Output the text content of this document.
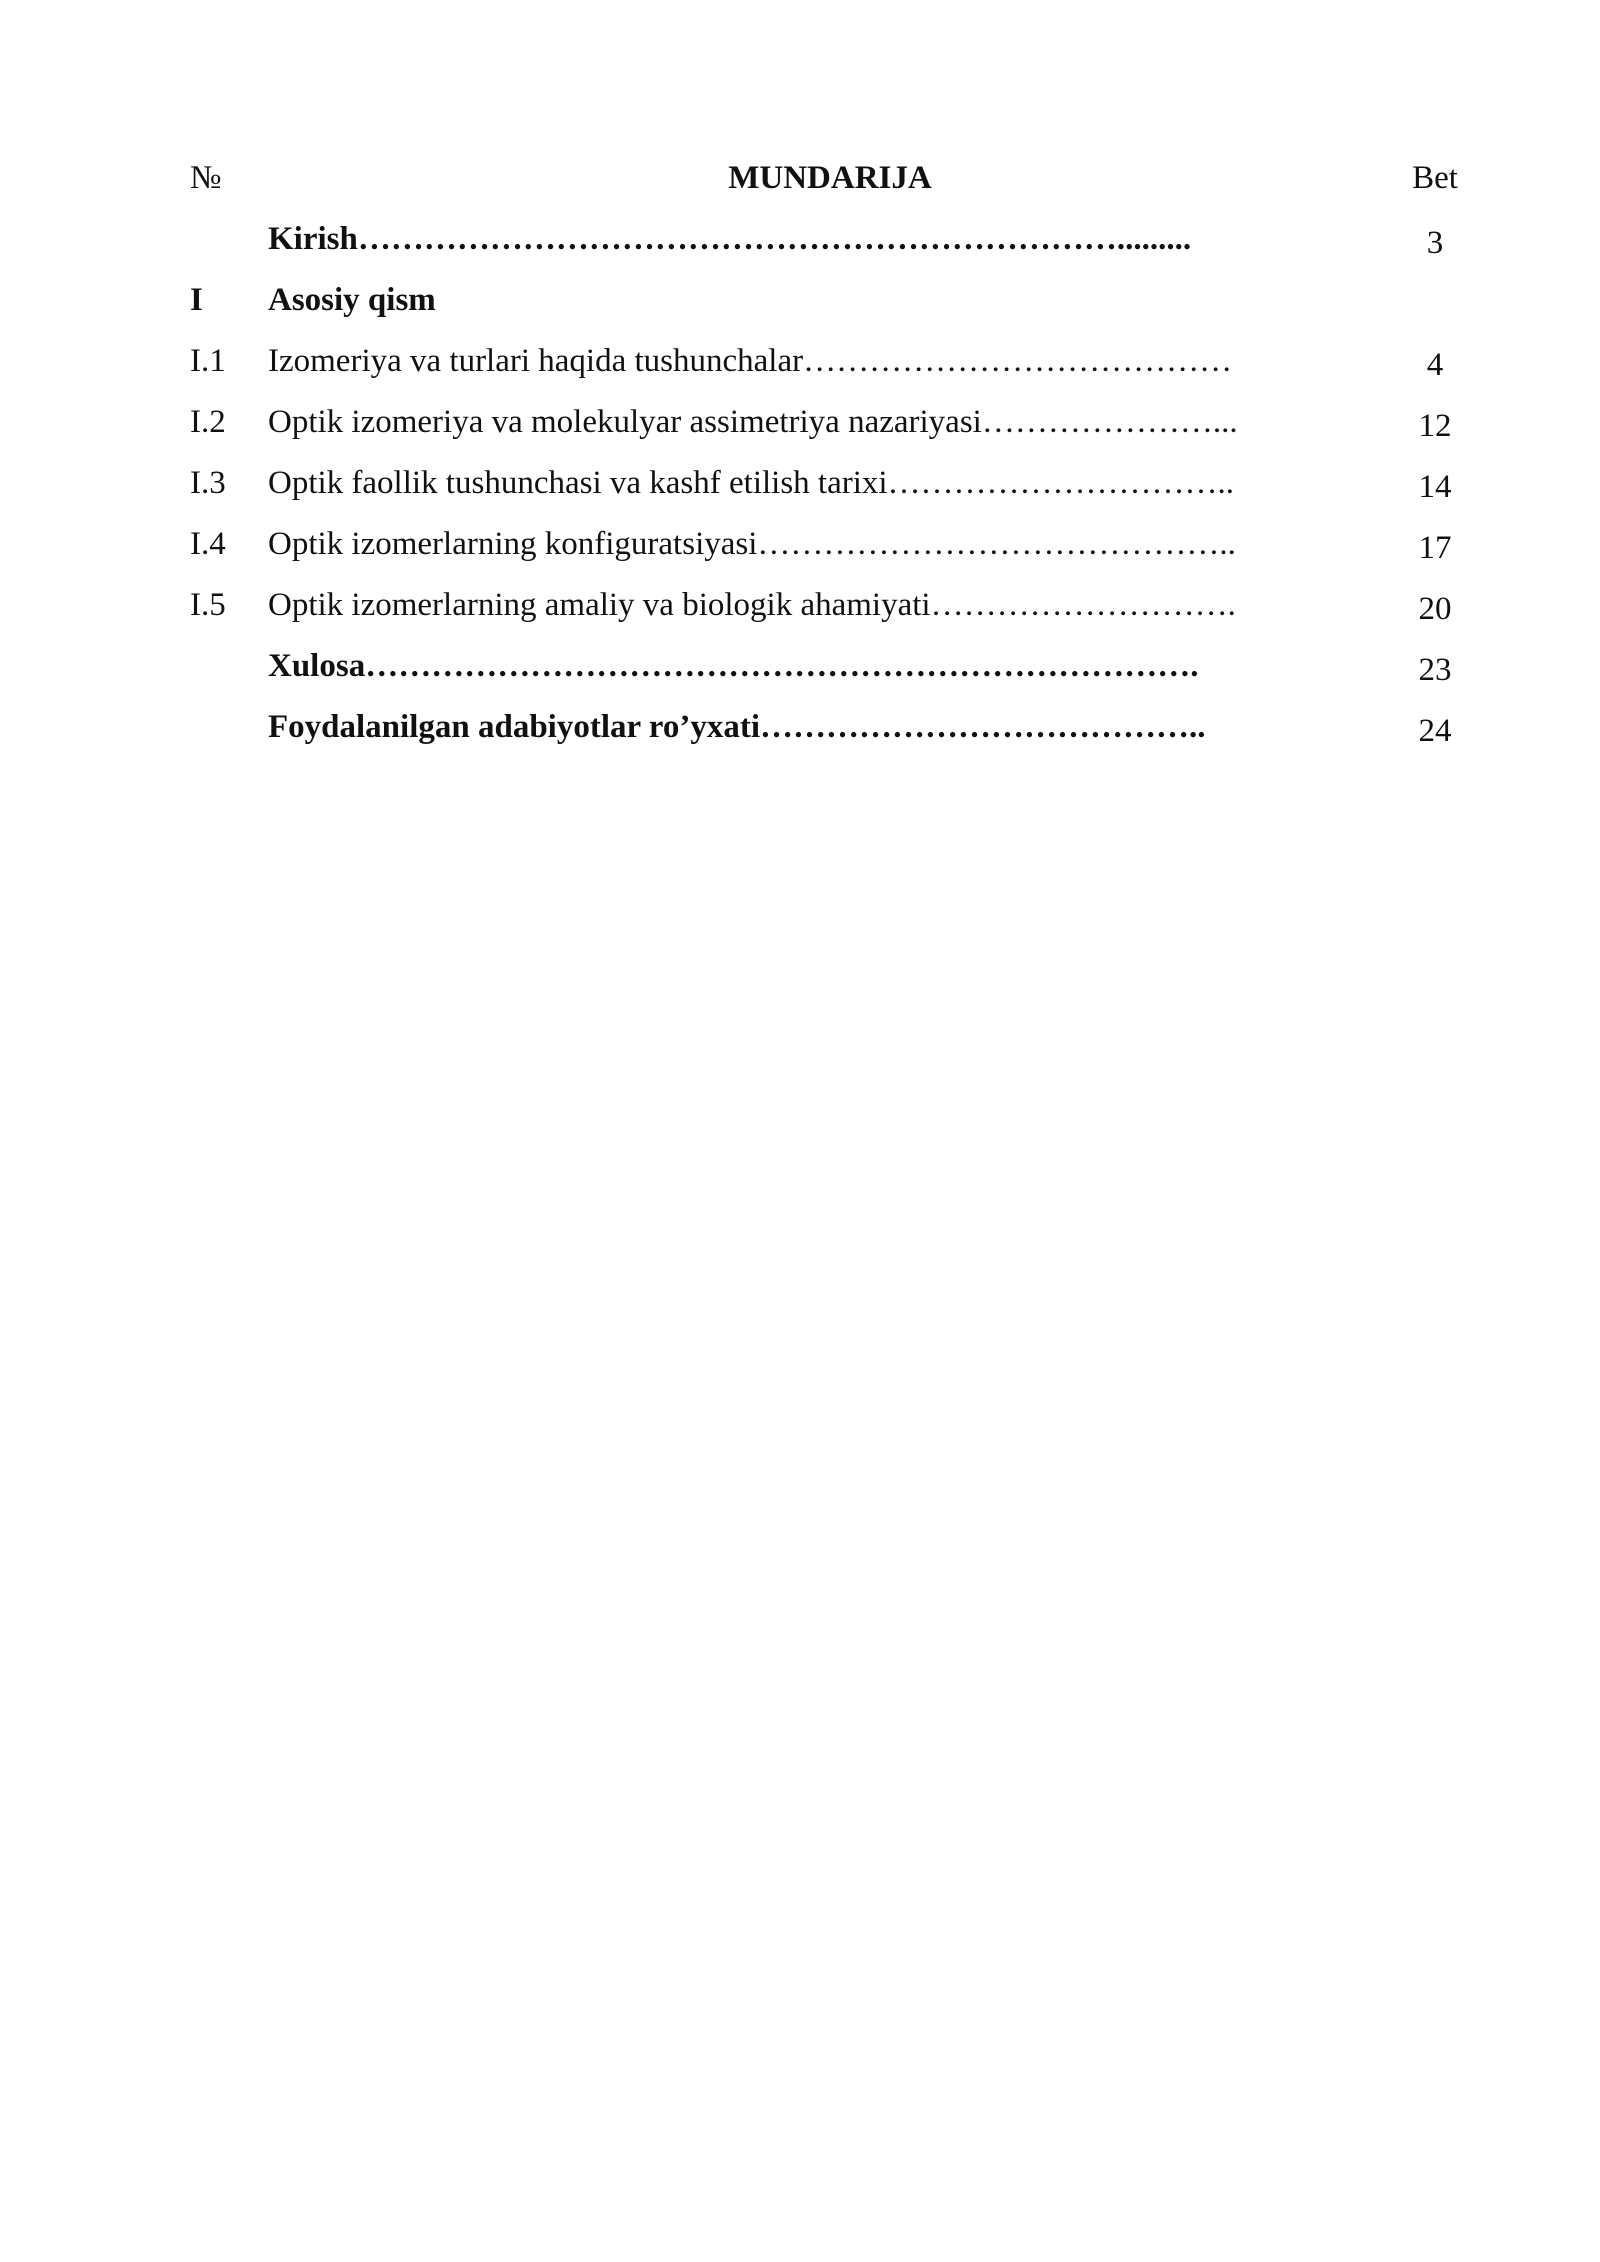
№	MUNDARIJA	Bet
Kirish…………………………………………………………….........	3
I	Asosiy qism
I.1	Izomeriya va turlari haqida tushunchalar…………………………………	4
I.2	Optik izomeriya va molekulyar assimetriya nazariyasi…………………...	12
I.3	Optik faollik tushunchasi va kashf etilish tarixi…………………………..	14
I.4	Optik izomerlarning konfiguratsiyasi……………………………………..	17
I.5	Optik izomerlarning amaliy va biologik ahamiyati……………………….	20
Xulosa………………………………………………………………….	23
Foydalanilgan adabiyotlar ro’yxati…………………………………..	24
